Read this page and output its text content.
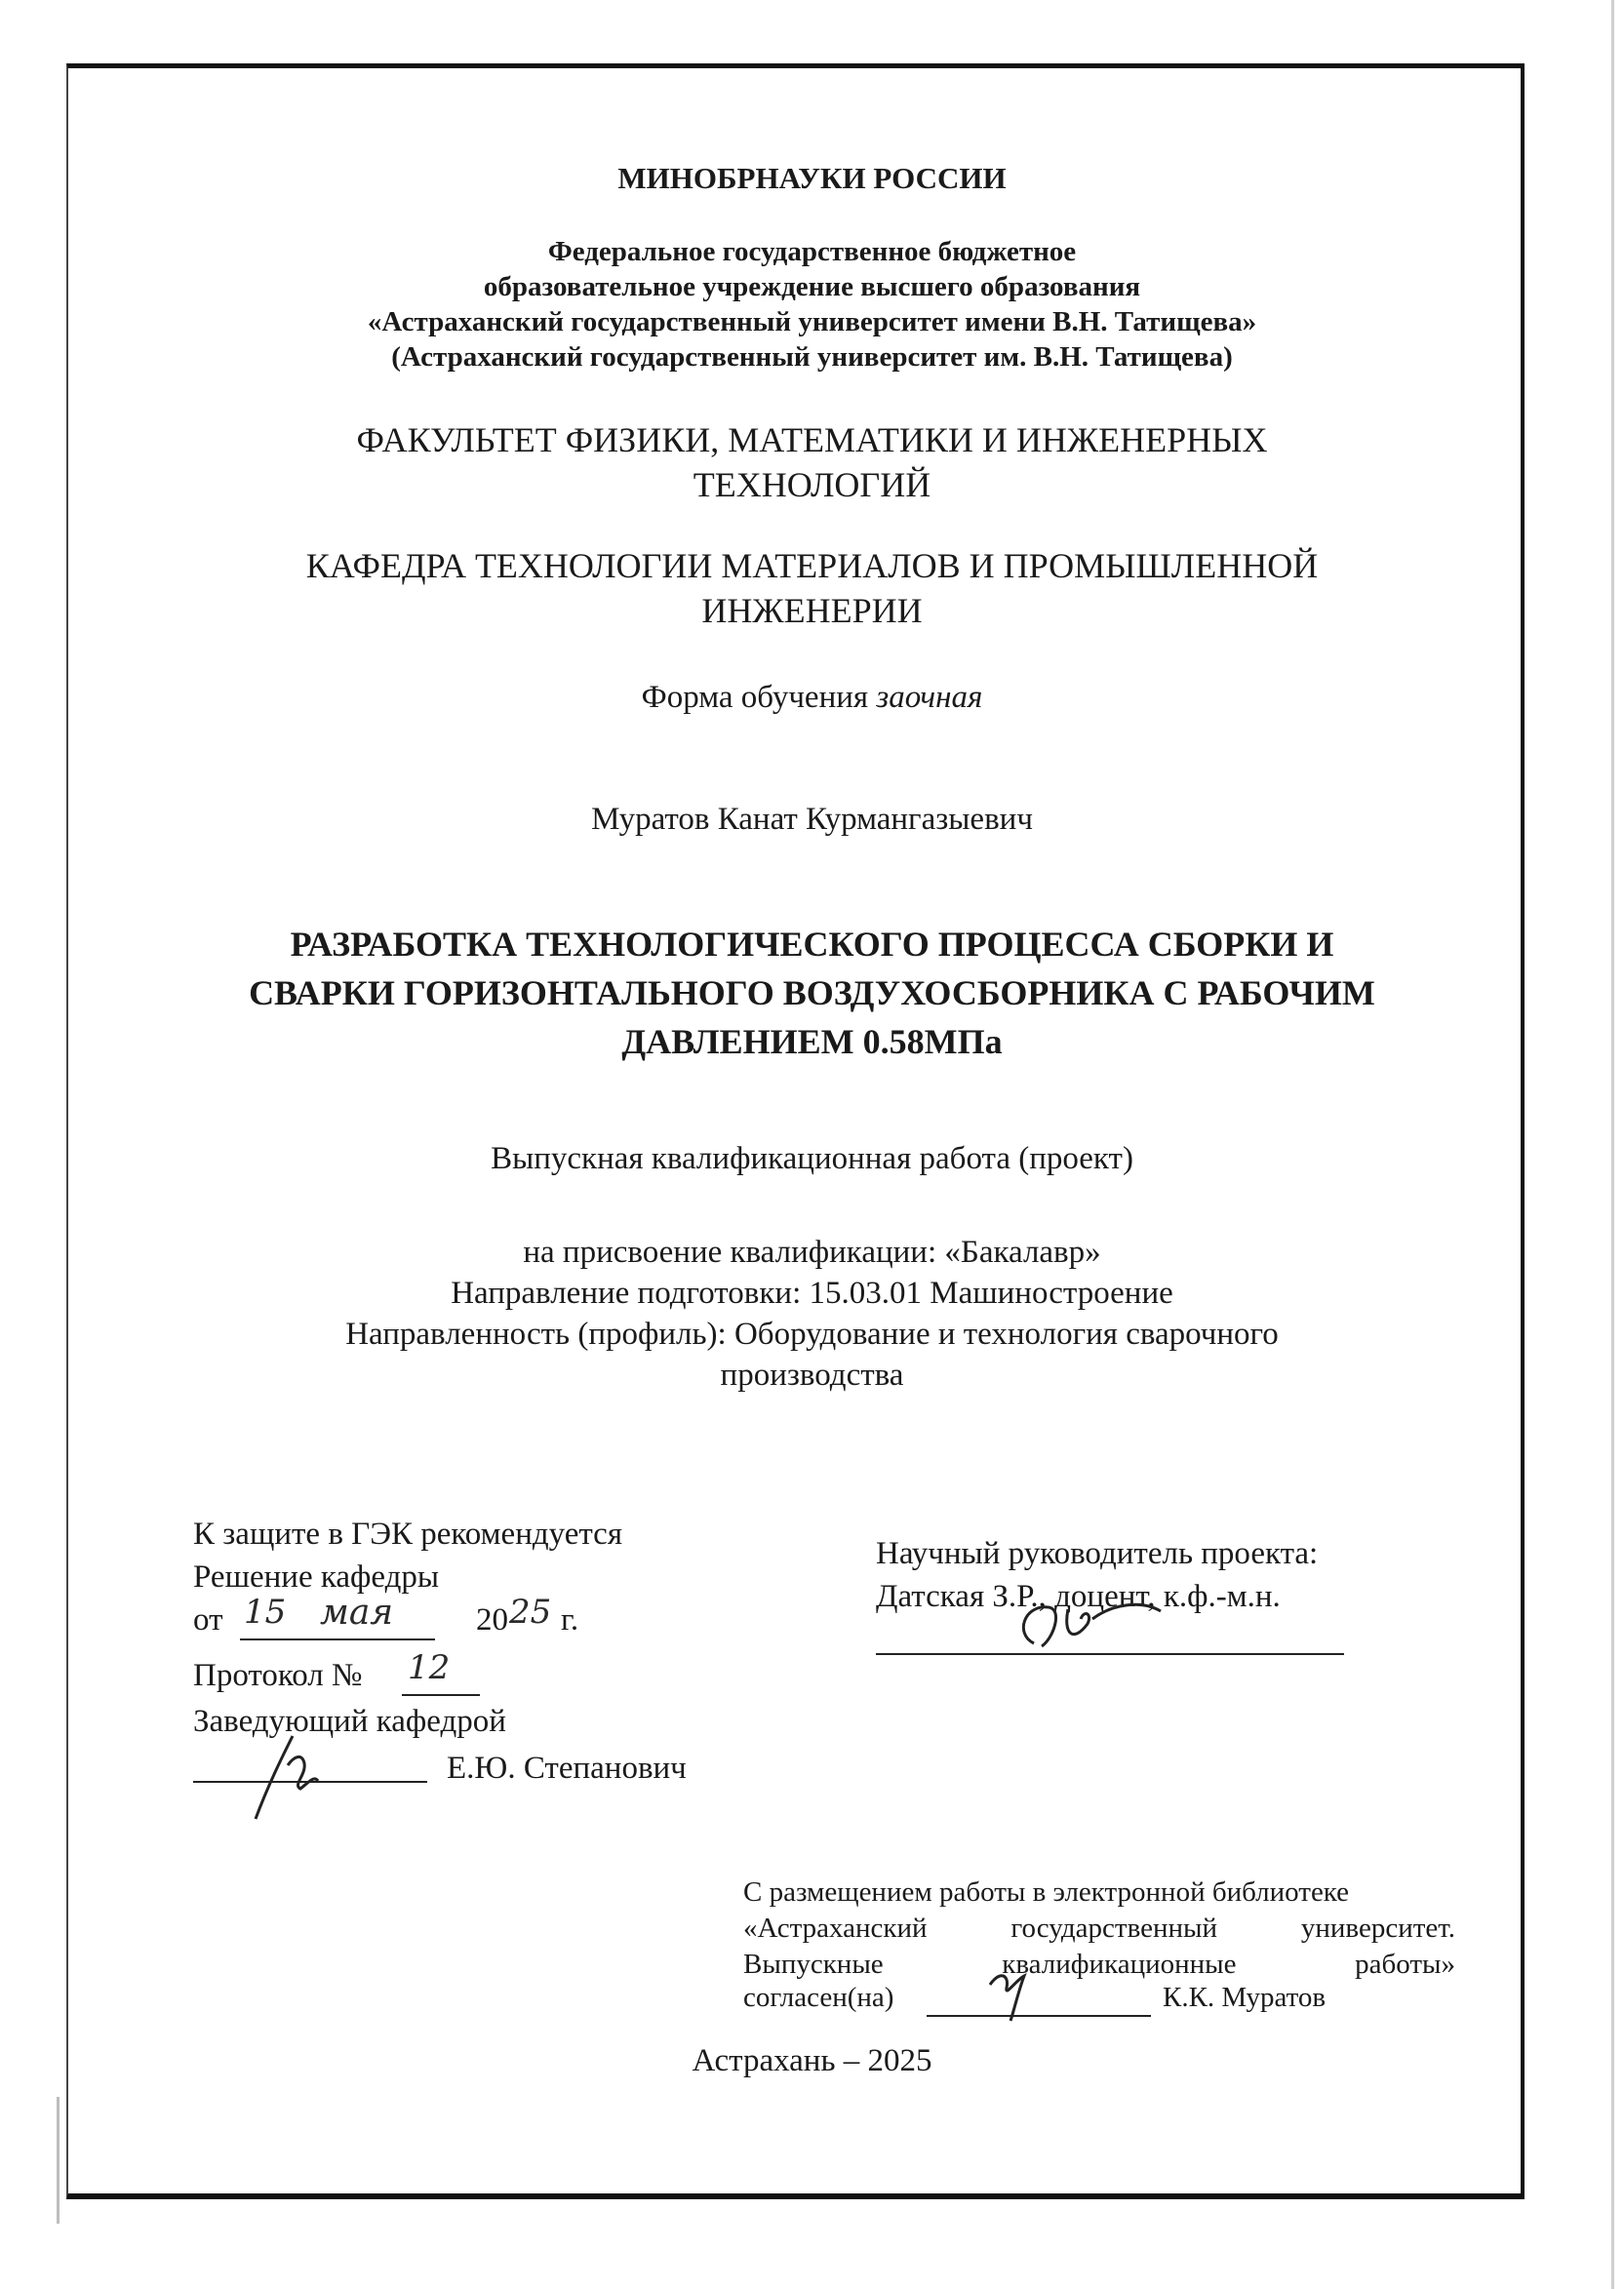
МИНОБРНАУКИ РОССИИ
Федеральное государственное бюджетное
образовательное учреждение высшего образования
«Астраханский государственный университет имени В.Н. Татищева»
(Астраханский государственный университет им. В.Н. Татищева)
ФАКУЛЬТЕТ ФИЗИКИ, МАТЕМАТИКИ И ИНЖЕНЕРНЫХ
ТЕХНОЛОГИЙ
КАФЕДРА ТЕХНОЛОГИИ МАТЕРИАЛОВ И ПРОМЫШЛЕННОЙ
ИНЖЕНЕРИИ
Форма обучения заочная
Муратов Канат Курмангазыевич
РАЗРАБОТКА ТЕХНОЛОГИЧЕСКОГО ПРОЦЕССА СБОРКИ И
СВАРКИ ГОРИЗОНТАЛЬНОГО ВОЗДУХОСБОРНИКА С РАБОЧИМ
ДАВЛЕНИЕМ 0.58МПа
Выпускная квалификационная работа (проект)
на присвоение квалификации: «Бакалавр»
Направление подготовки: 15.03.01 Машиностроение
Направленность (профиль): Оборудование и технология сварочного
производства
К защите в ГЭК рекомендуется
Решение кафедры
от 15 мая	20 25 г.
Протокол № 12
Заведующий кафедрой
Е.Ю. Степанович
Научный руководитель проекта:
Датская З.Р., доцент, к.ф.-м.н.
С размещением работы в электронной библиотеке
«Астраханский государственный университет.
Выпускные квалификационные работы»
согласен(на)	К.К. Муратов
Астрахань – 2025
